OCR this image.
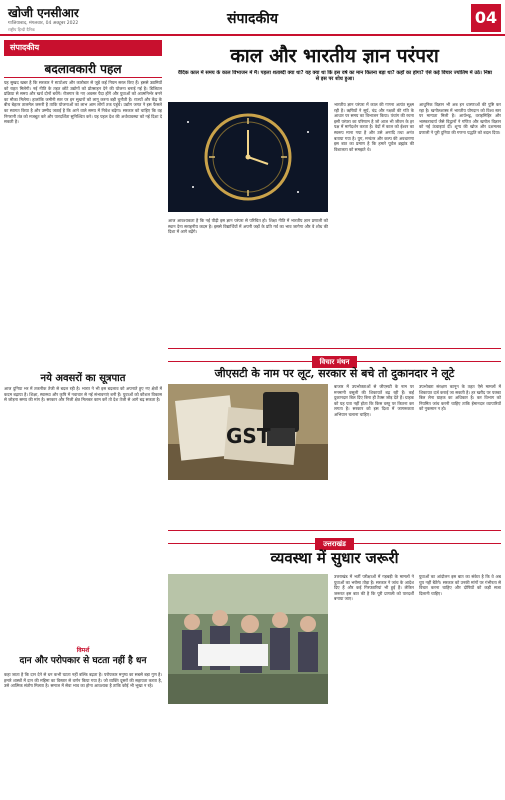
खोजी एनसीआर
गाजियाबाद, मंगलवार, 04 अक्टूबर 2022
राष्ट्रीय हिन्दी दैनिक
संपादकीय	04
संपादकीय
बदलावकारी पहल
यह सुखद खबर है कि सरकार ने स्टार्टअप और कारोबार से जुड़े कई नियम सरल किए हैं। इससे उद्यमियों को राहत मिलेगी। नई नीति के तहत छोटे उद्योगों को प्रोत्साहन देने की योजना बनाई गई है। डिजिटल प्रक्रिया से समय और खर्च दोनों बचेंगे। रोजगार के नए अवसर पैदा होंगे और युवाओं को आत्मनिर्भर बनने का मौका मिलेगा। हालांकि जमीनी स्तर पर इन सुधारों को लागू करना बड़ी चुनौती है। राज्यों और केंद्र के बीच बेहतर तालमेल जरूरी है ताकि योजनाओं का लाभ आम लोगों तक पहुंचे। उद्योग जगत ने इस फैसले का स्वागत किया है और उम्मीद जताई है कि आने वाले समय में निवेश बढ़ेगा। सरकार को चाहिए कि वह निगरानी तंत्र को मजबूत करे और पारदर्शिता सुनिश्चित करे। यह पहल देश की अर्थव्यवस्था को नई दिशा दे सकती है।
नये अवसरों का सूत्रपात
आज दुनिया भर में तकनीक तेजी से बदल रही है। भारत ने भी इस बदलाव को अपनाते हुए नए क्षेत्रों में कदम बढ़ाया है। शिक्षा, स्वास्थ्य और कृषि में नवाचार से नई संभावनाएं बनी हैं। युवाओं को कौशल विकास से जोड़ना समय की मांग है। सरकार और निजी क्षेत्र मिलकर काम करें तो देश तेजी से आगे बढ़ सकता है।
विमर्श
दान और परोपकार से घटता नहीं है धन
कहा जाता है कि दान देने से धन कभी घटता नहीं बल्कि बढ़ता है। परोपकार मनुष्य का सबसे बड़ा गुण है। हमारे शास्त्रों में दान की महिमा का विस्तार से वर्णन किया गया है। जो व्यक्ति दूसरों की सहायता करता है, उसे आत्मिक संतोष मिलता है। समाज में सेवा भाव का होना आवश्यक है ताकि कोई भी भूखा न रहे।
काल और भारतीय ज्ञान परंपरा
वैदिक काल में समय के काल विभाजन में मैं। पहला शताब्दी क्या था? यह क्या था कि इस वर्ष का मान कितना बड़ा था? कहाँ का होगा? ऐसे कई विचार ज्योतिष में उठे। निष्ठा से इस पर शोध हुआ।
भारतीय ज्ञान परंपरा में काल की गणना अत्यंत सूक्ष्म रही है। ऋषियों ने सूर्य, चंद्र और नक्षत्रों की गति के आधार पर समय का विभाजन किया। पंचांग की रचना इसी परंपरा का परिणाम है जो आज भी जीवन के हर पक्ष में मार्गदर्शन करता है। वेदों में काल को ईश्वर का स्वरूप माना गया है और उसे अनादि तथा अनंत बताया गया है। युग, मन्वंतर और कल्प की अवधारणा इस बात का प्रमाण है कि हमारे पूर्वज ब्रह्मांड की विशालता को समझते थे।
आधुनिक विज्ञान भी अब इन धारणाओं की पुष्टि कर रहा है। खगोलशास्त्र में भारतीय योगदान को विश्व स्तर पर मान्यता मिली है। आर्यभट्ट, वराहमिहिर और भास्कराचार्य जैसे विद्वानों ने गणित और खगोल विज्ञान को नई ऊंचाइयां दीं। शून्य की खोज और दशमलव प्रणाली ने पूरी दुनिया की गणना पद्धति को बदल दिया।
आज आवश्यकता है कि नई पीढ़ी इस ज्ञान परंपरा से परिचित हो। शिक्षा नीति में भारतीय ज्ञान प्रणाली को स्थान देना सराहनीय कदम है। इससे विद्यार्थियों में अपनी जड़ों के प्रति गर्व का भाव जागेगा और वे शोध की दिशा में आगे बढ़ेंगे।
विचार मंथन
जीएसटी के नाम पर लूट, सरकार से बचे तो दुकानदार ने लूटे
GST
बाजार में उपभोक्ताओं से जीएसटी के नाम पर मनमानी वसूली की शिकायतें बढ़ रही हैं। कई दुकानदार बिल दिए बिना ही टैक्स जोड़ देते हैं। ग्राहक को यह पता नहीं होता कि किस वस्तु पर कितना कर लगता है। सरकार को इस दिशा में जागरूकता अभियान चलाना चाहिए।
उपभोक्ता संरक्षण कानून के तहत ऐसे मामलों में शिकायत दर्ज कराई जा सकती है। हर खरीद पर पक्का बिल लेना ग्राहक का अधिकार है। कर विभाग को नियमित जांच करनी चाहिए ताकि ईमानदार व्यापारियों को नुकसान न हो।
उत्तराखंड
व्यवस्था में सुधार जरूरी
उत्तराखंड में भर्ती परीक्षाओं में गड़बड़ी के मामलों ने युवाओं का भरोसा तोड़ा है। सरकार ने जांच के आदेश दिए हैं और कई गिरफ्तारियां भी हुई हैं। लेकिन जरूरत इस बात की है कि पूरी प्रणाली को पारदर्शी बनाया जाए।
युवाओं का आंदोलन इस बात का संकेत है कि वे अब चुप नहीं बैठेंगे। सरकार को उनकी मांगों पर गंभीरता से विचार करना चाहिए और दोषियों को कड़ी सजा दिलानी चाहिए।
